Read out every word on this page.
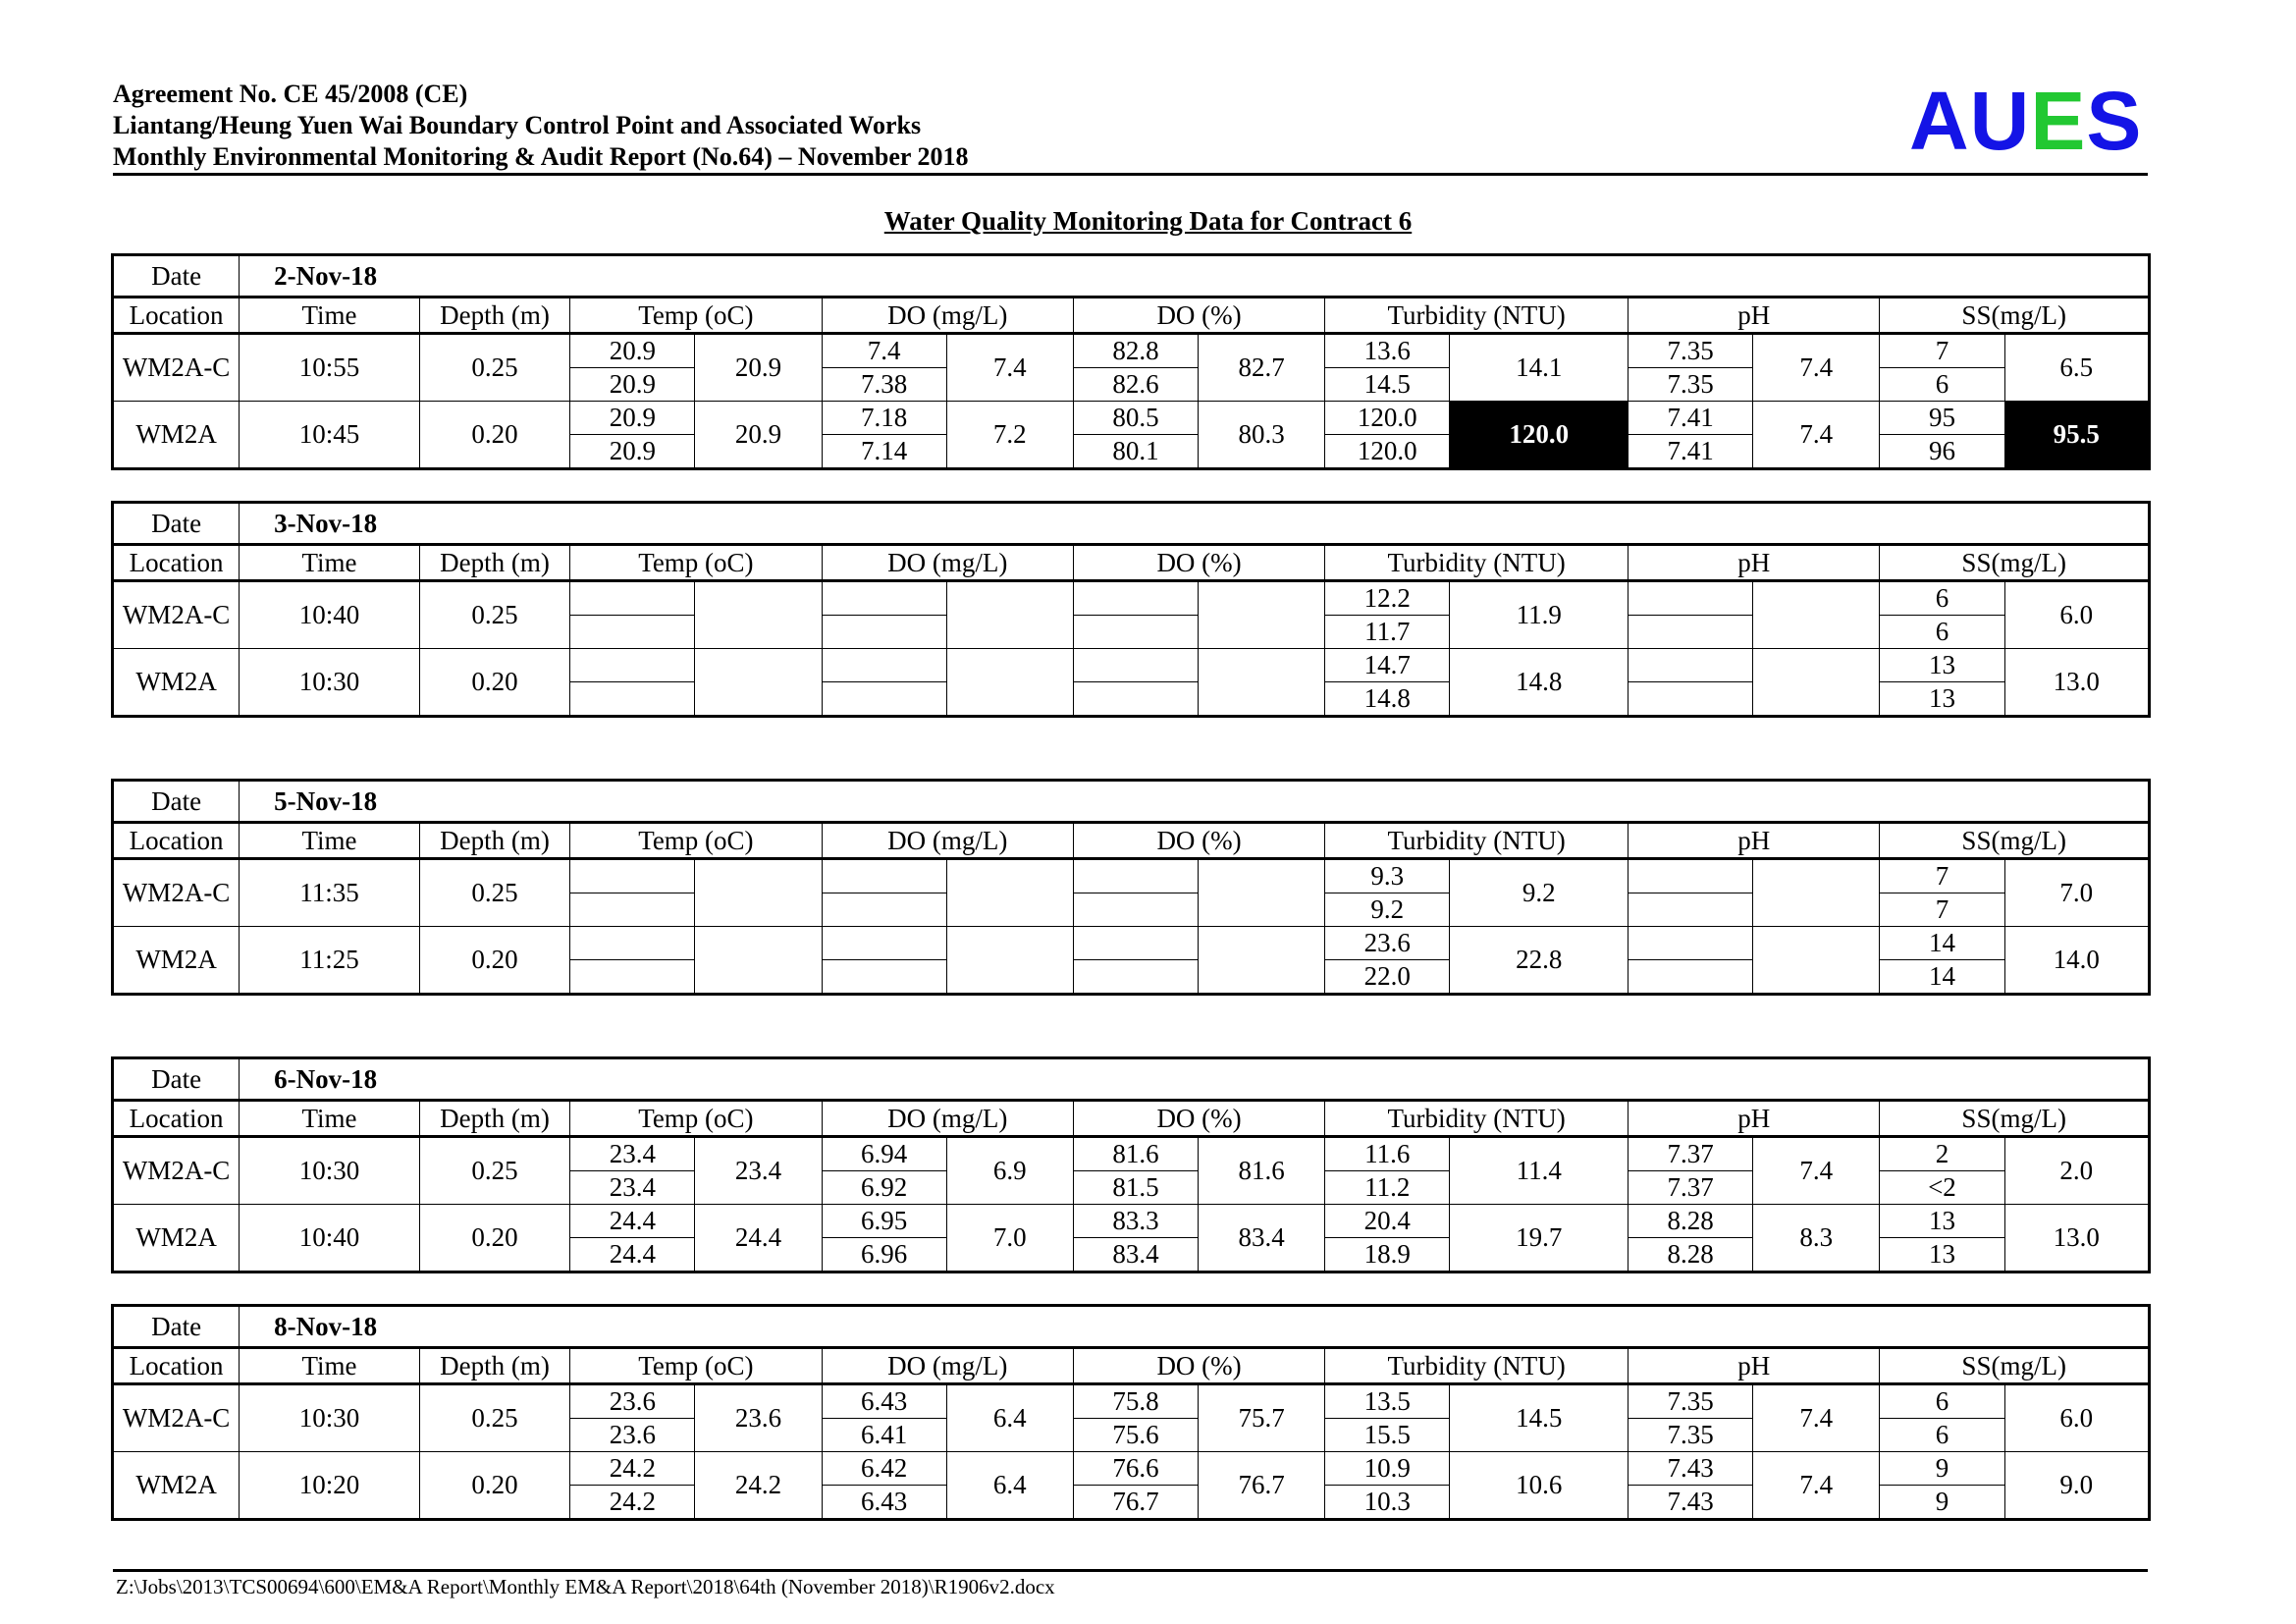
Agreement No. CE 45/2008 (CE)
Liantang/Heung Yuen Wai Boundary Control Point and Associated Works
Monthly Environmental Monitoring & Audit Report (No.64) – November 2018	AUES
Water Quality Monitoring Data for Contract 6
Date	2-Nov-18													
Location	Time	Depth (m)	Temp (oC)		DO (mg/L)		DO (%)		Turbidity (NTU)		pH		SS(mg/L)	
WM2A-C	10:55	0.25	20.9	20.9	7.4	7.4	82.8	82.7	13.6	14.1	7.35	7.4	7	6.5
			20.9		7.38		82.6		14.5		7.35		6	
WM2A	10:45	0.20	20.9	20.9	7.18	7.2	80.5	80.3	120.0	120.0	7.41	7.4	95	95.5
			20.9		7.14		80.1		120.0		7.41		96	
Date	3-Nov-18													
Location	Time	Depth (m)	Temp (oC)		DO (mg/L)		DO (%)		Turbidity (NTU)		pH		SS(mg/L)	
WM2A-C	10:40	0.25							12.2	11.9			6	6.0
									11.7				6	
WM2A	10:30	0.20							14.7	14.8			13	13.0
									14.8				13	
Date	5-Nov-18													
Location	Time	Depth (m)	Temp (oC)		DO (mg/L)		DO (%)		Turbidity (NTU)		pH		SS(mg/L)	
WM2A-C	11:35	0.25							9.3	9.2			7	7.0
									9.2				7	
WM2A	11:25	0.20							23.6	22.8			14	14.0
									22.0				14	
Date	6-Nov-18													
Location	Time	Depth (m)	Temp (oC)		DO (mg/L)		DO (%)		Turbidity (NTU)		pH		SS(mg/L)	
WM2A-C	10:30	0.25	23.4	23.4	6.94	6.9	81.6	81.6	11.6	11.4	7.37	7.4	2	2.0
			23.4		6.92		81.5		11.2		7.37		<2	
WM2A	10:40	0.20	24.4	24.4	6.95	7.0	83.3	83.4	20.4	19.7	8.28	8.3	13	13.0
			24.4		6.96		83.4		18.9		8.28		13	
Date	8-Nov-18													
Location	Time	Depth (m)	Temp (oC)		DO (mg/L)		DO (%)		Turbidity (NTU)		pH		SS(mg/L)	
WM2A-C	10:30	0.25	23.6	23.6	6.43	6.4	75.8	75.7	13.5	14.5	7.35	7.4	6	6.0
			23.6		6.41		75.6		15.5		7.35		6	
WM2A	10:20	0.20	24.2	24.2	6.42	6.4	76.6	76.7	10.9	10.6	7.43	7.4	9	9.0
			24.2		6.43		76.7		10.3		7.43		9	
Z:\Jobs\2013\TCS00694\600\EM&A Report\Monthly EM&A Report\2018\64th (November 2018)\R1906v2.docx
